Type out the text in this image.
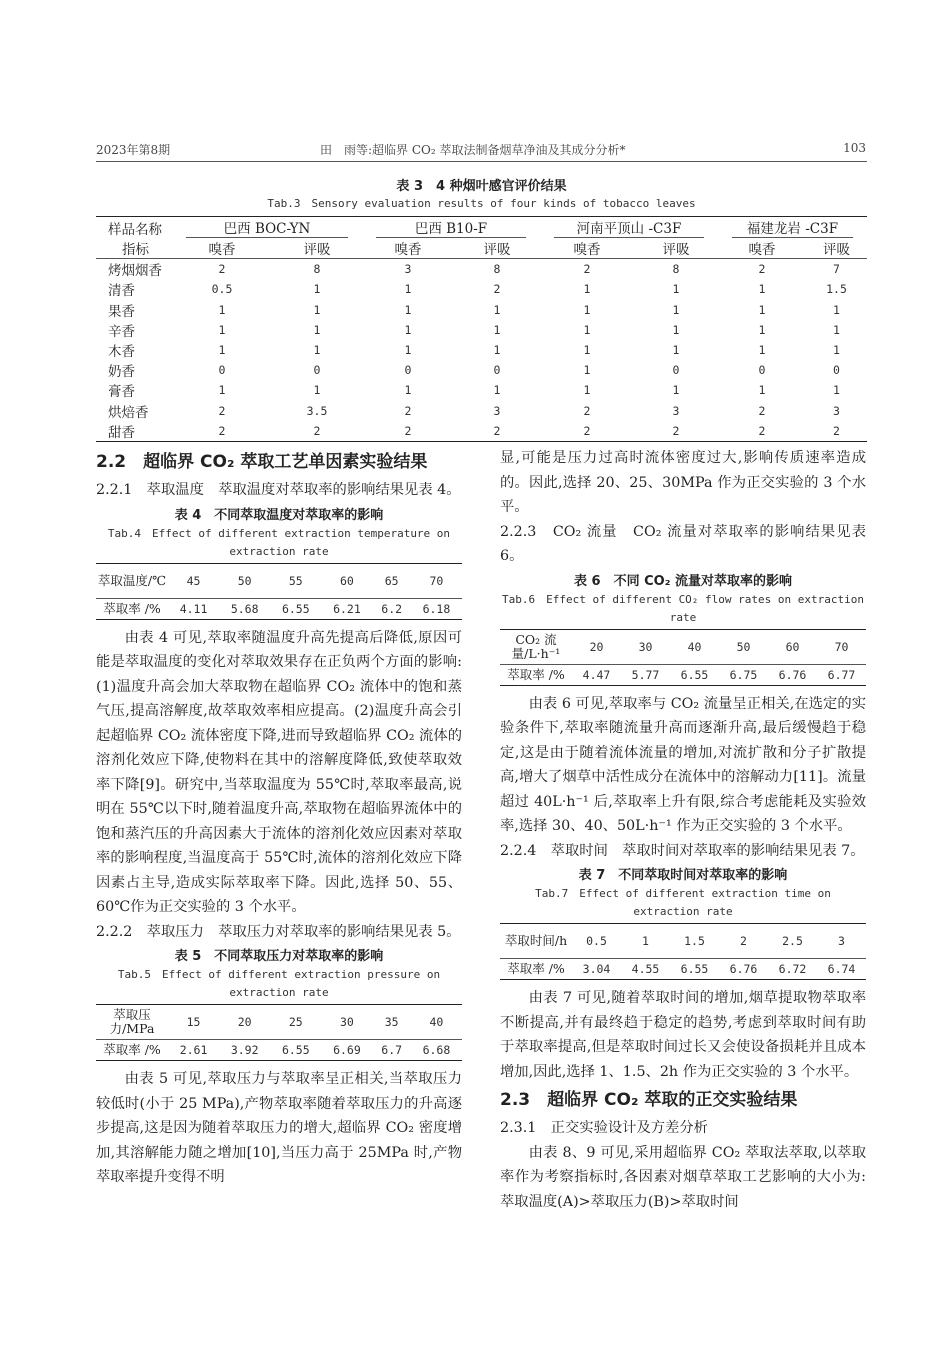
2023年第8期	田　雨等:超临界 CO₂ 萃取法制备烟草净油及其成分分析*	103
表 3　4 种烟叶感官评价结果
Tab.3　Sensory evaluation results of four kinds of tobacco leaves
样品名称	巴西 BOC-YN		巴西 B10-F		河南平顶山 -C3F		福建龙岩 -C3F		

指标	嗅香	评吸	嗅香	评吸	嗅香	评吸	嗅香	评吸	
烤烟烟香	2	8	3	8	2	8	2	7	
清香	0.5	1	1	2	1	1	1	1.5	
果香	1	1	1	1	1	1	1	1	
辛香	1	1	1	1	1	1	1	1	
木香	1	1	1	1	1	1	1	1	
奶香	0	0	0	0	1	0	0	0	
膏香	1	1	1	1	1	1	1	1	
烘焙香	2	3.5	2	3	2	3	2	3	
甜香	2	2	2	2	2	2	2	2	
2.2　超临界 CO₂ 萃取工艺单因素实验结果

2.2.1　萃取温度　萃取温度对萃取率的影响结果见表 4。

表 4　不同萃取温度对萃取率的影响
Tab.4　Effect of different extraction temperature on extraction rate
萃取温度/℃	45	50	55	60	65	70
萃取率 /%	4.11	5.68	6.55	6.21	6.2	6.18

由表 4 可见,萃取率随温度升高先提高后降低,原因可能是萃取温度的变化对萃取效果存在正负两个方面的影响:(1)温度升高会加大萃取物在超临界 CO₂ 流体中的饱和蒸气压,提高溶解度,故萃取效率相应提高。(2)温度升高会引起超临界 CO₂ 流体密度下降,进而导致超临界 CO₂ 流体的溶剂化效应下降,使物料在其中的溶解度降低,致使萃取效率下降[9]。研究中,当萃取温度为 55℃时,萃取率最高,说明在 55℃以下时,随着温度升高,萃取物在超临界流体中的饱和蒸汽压的升高因素大于流体的溶剂化效应因素对萃取率的影响程度,当温度高于 55℃时,流体的溶剂化效应下降因素占主导,造成实际萃取率下降。因此,选择 50、55、60℃作为正交实验的 3 个水平。

2.2.2　萃取压力　萃取压力对萃取率的影响结果见表 5。

表 5　不同萃取压力对萃取率的影响
Tab.5　Effect of different extraction pressure on extraction rate
萃取压力/MPa	15	20	25	30	35	40
萃取率 /%	2.61	3.92	6.55	6.69	6.7	6.68

由表 5 可见,萃取压力与萃取率呈正相关,当萃取压力较低时(小于 25 MPa),产物萃取率随着萃取压力的升高逐步提高,这是因为随着萃取压力的增大,超临界 CO₂ 密度增加,其溶解能力随之增加[10],当压力高于 25MPa 时,产物萃取率提升变得不明

显,可能是压力过高时流体密度过大,影响传质速率造成的。因此,选择 20、25、30MPa 作为正交实验的 3 个水平。

2.2.3　CO₂ 流量　CO₂ 流量对萃取率的影响结果见表 6。

表 6　不同 CO₂ 流量对萃取率的影响
Tab.6　Effect of different CO₂ flow rates on extraction rate
CO₂ 流量/L·h⁻¹	20	30	40	50	60	70
萃取率 /%	4.47	5.77	6.55	6.75	6.76	6.77

由表 6 可见,萃取率与 CO₂ 流量呈正相关,在选定的实验条件下,萃取率随流量升高而逐渐升高,最后缓慢趋于稳定,这是由于随着流体流量的增加,对流扩散和分子扩散提高,增大了烟草中活性成分在流体中的溶解动力[11]。流量超过 40L·h⁻¹ 后,萃取率上升有限,综合考虑能耗及实验效率,选择 30、40、50L·h⁻¹ 作为正交实验的 3 个水平。

2.2.4　萃取时间　萃取时间对萃取率的影响结果见表 7。

表 7　不同萃取时间对萃取率的影响
Tab.7　Effect of different extraction time on extraction rate
萃取时间/h	0.5	1	1.5	2	2.5	3
萃取率 /%	3.04	4.55	6.55	6.76	6.72	6.74

由表 7 可见,随着萃取时间的增加,烟草提取物萃取率不断提高,并有最终趋于稳定的趋势,考虑到萃取时间有助于萃取率提高,但是萃取时间过长又会使设备损耗并且成本增加,因此,选择 1、1.5、2h 作为正交实验的 3 个水平。

2.3　超临界 CO₂ 萃取的正交实验结果

2.3.1　正交实验设计及方差分析

由表 8、9 可见,采用超临界 CO₂ 萃取法萃取,以萃取率作为考察指标时,各因素对烟草萃取工艺影响的大小为:萃取温度(A)>萃取压力(B)>萃取时间
